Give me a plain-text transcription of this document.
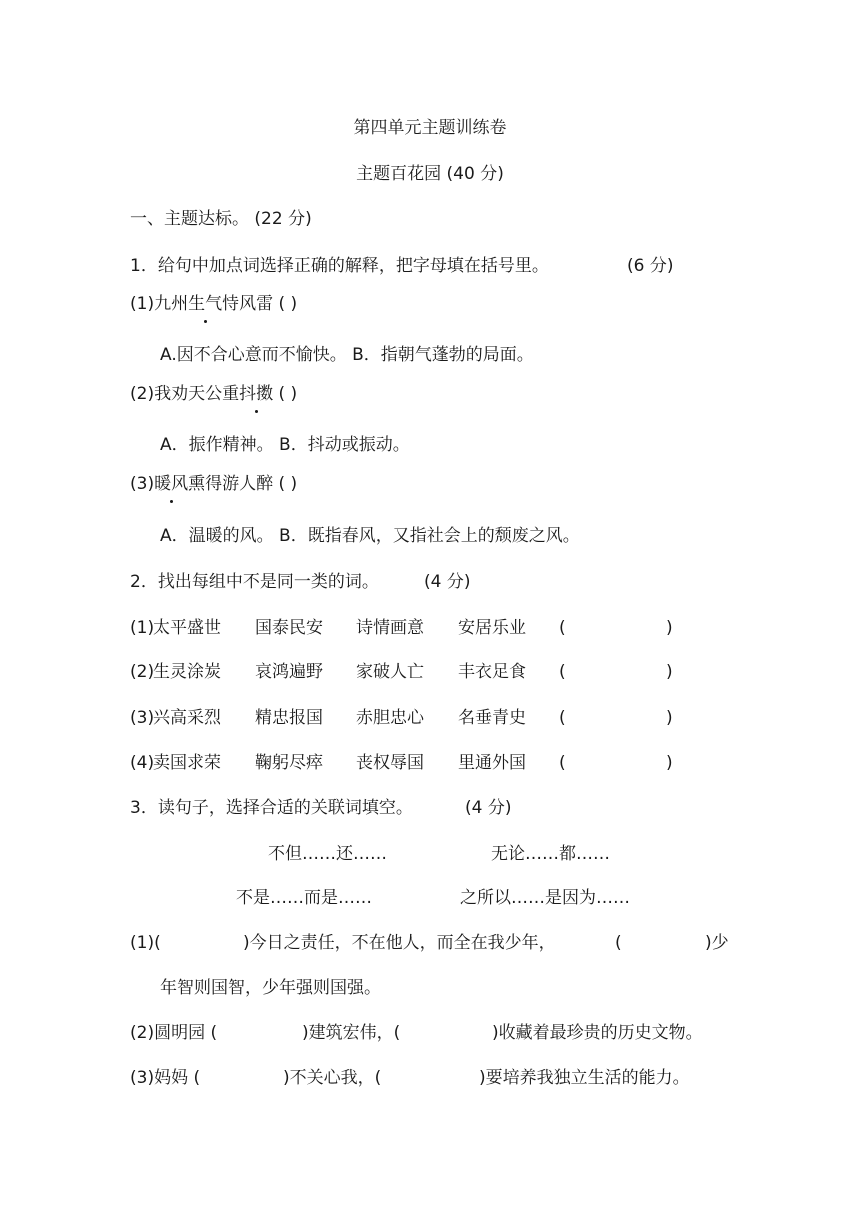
第四单元主题训练卷
主题百花园 (40 分)
一、主题达标。 (22 分)
1．给句中加点词选择正确的解释，把字母填在括号里。	(6 分)
(1)九州生气恃风雷 ( )
A.因不合心意而不愉快。 B．指朝气蓬勃的局面。
(2)我劝天公重抖擞 ( )
A．振作精神。 B．抖动或振动。
(3)暖风熏得游人醉 ( )
A．温暖的风。 B．既指春风，又指社会上的颓废之风。
2．找出每组中不是同一类的词。	(4 分)
(1)
太平盛世 国泰民安 诗情画意 安居乐业 (	)
(2)
生灵涂炭 哀鸿遍野 家破人亡 丰衣足食 (	)
(3)
兴高采烈 精忠报国 赤胆忠心 名垂青史 (	)
(4)
卖国求荣 鞠躬尽瘁 丧权辱国 里通外国 (	)
3．读句子，选择合适的关联词填空。	(4 分)
不但……还……	无论……都……
不是……而是……	之所以……是因为……
(1)(	)今日之责任，不在他人，而全在我少年，	(	)少
年智则国智，少年强则国强。
(2)圆明园 (	)建筑宏伟，(	)收藏着最珍贵的历史文物。
(3)妈妈 (	)不关心我，(	)要培养我独立生活的能力。
